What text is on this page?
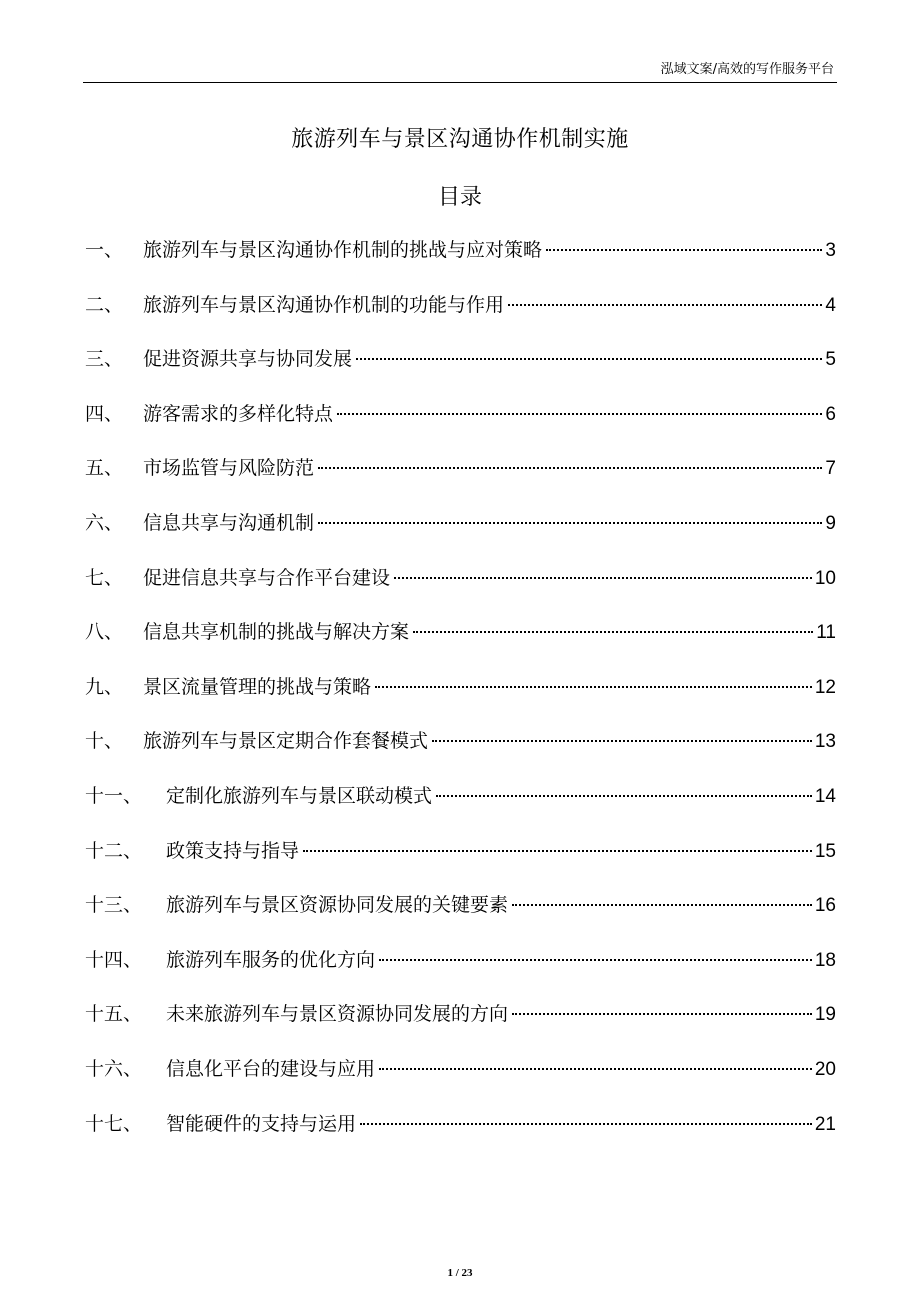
泓域文案/高效的写作服务平台
旅游列车与景区沟通协作机制实施
目录
一、	旅游列车与景区沟通协作机制的挑战与应对策略	3
二、	旅游列车与景区沟通协作机制的功能与作用	4
三、	促进资源共享与协同发展	5
四、	游客需求的多样化特点	6
五、	市场监管与风险防范	7
六、	信息共享与沟通机制	9
七、	促进信息共享与合作平台建设	10
八、	信息共享机制的挑战与解决方案	11
九、	景区流量管理的挑战与策略	12
十、	旅游列车与景区定期合作套餐模式	13
十一、	定制化旅游列车与景区联动模式	14
十二、	政策支持与指导	15
十三、	旅游列车与景区资源协同发展的关键要素	16
十四、	旅游列车服务的优化方向	18
十五、	未来旅游列车与景区资源协同发展的方向	19
十六、	信息化平台的建设与应用	20
十七、	智能硬件的支持与运用	21
1 / 23
